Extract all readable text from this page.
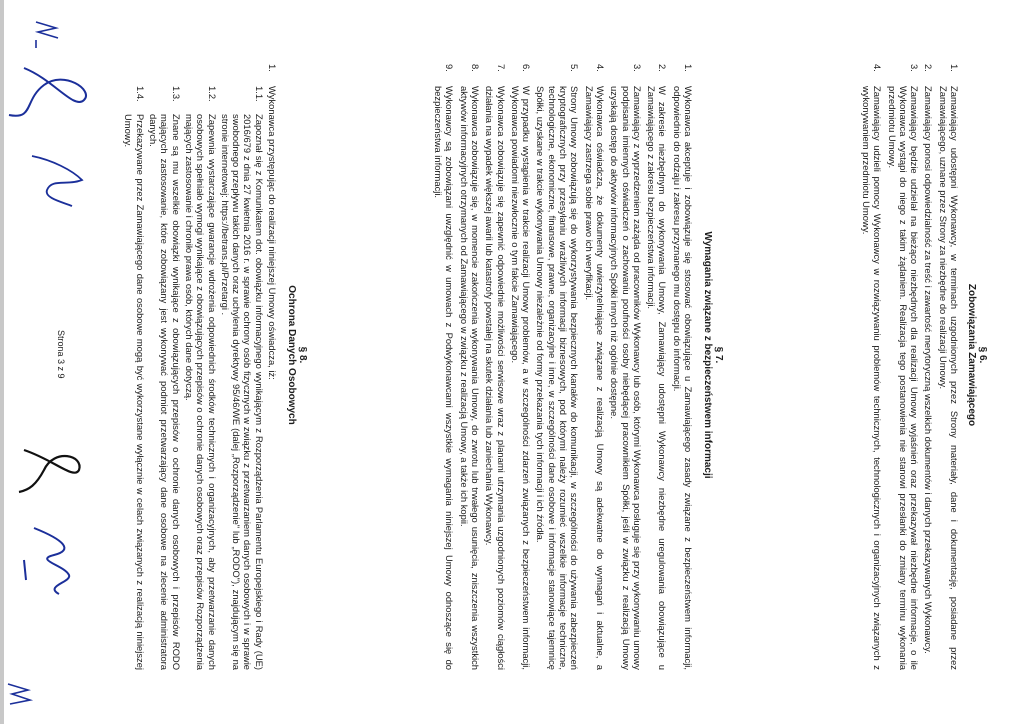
§ 6.
Zobowiązania Zamawiającego
1.
Zamawiający udostępni Wykonawcy, w terminach uzgodnionych przez Strony materiały, dane i dokumentację, posiadane przez Zamawiającego, uznane przez Strony za niezbędne do realizacji Umowy.
2.
Zamawiający ponosi odpowiedzialność za treść i zawartość merytoryczną wszelkich dokumentów i danych przekazywanych Wykonawcy.
3.
Zamawiający będzie udzielał na bieżąco niezbędnych dla realizacji Umowy wyjaśnień oraz przekazywał niezbędne informacje, o ile Wykonawca wystąpi do niego z takim żądaniem. Realizacja tego postanowienia nie stanowi przesłanki do zmiany terminu wykonania przedmiotu Umowy.
4.
Zamawiający udzieli pomocy Wykonawcy w rozwiązywaniu problemów technicznych, technologicznych i organizacyjnych związanych z wykonywaniem przedmiotu Umowy.
§ 7.
Wymagania związane z bezpieczeństwem informacji
1.
Wykonawca akceptuje i zobowiązuje się stosować obowiązujące u Zamawiającego zasady związane z bezpieczeństwem informacji, odpowiednio do rodzaju i zakresu przyznanego mu dostępu do informacji.
2.
W zakresie niezbędnym do wykonywania Umowy, Zamawiający udostępni Wykonawcy niezbędne uregulowania obowiązujące u Zamawiającego z zakresu bezpieczeństwa informacji.
3.
Zamawiający z wyprzedzeniem zażąda od pracowników Wykonawcy lub osób, którymi Wykonawca posługuje się przy wykonywaniu umowy podpisania imiennych oświadczeń o zachowaniu poufności osoby niebędącej pracownikiem Spółki, jeśli w związku z realizacją Umowy uzyskają dostęp do aktywów informacyjnych Spółki innych niż ogólnie dostępne.
4.
Wykonawca oświadcza, że dokumenty uwierzytelniające związane z realizacją Umowy są adekwatne do wymagań i aktualne, a Zamawiający zastrzega sobie prawo ich weryfikacji.
5.
Strony Umowy zobowiązują się do wykorzystywania bezpiecznych kanałów do komunikacji, w szczególności do używania zabezpieczeń kryptograficznych przy przesyłaniu wrażliwych informacji biznesowych, pod którymi należy rozumieć wszelkie informacje techniczne, technologiczne, ekonomiczne, finansowe, prawne, organizacyjne i inne, w szczególności dane osobowe i informacje stanowiące tajemnicę Spółki, uzyskane w trakcie wykonywania Umowy niezależnie od formy przekazania tych informacji i ich źródła.
6.
W przypadku wystąpienia w trakcie realizacji Umowy problemów, a w szczególności zdarzeń związanych z bezpieczeństwem informacji, Wykonawca powiadomi niezwłocznie o tym fakcie Zamawiającego.
7.
Wykonawca zobowiązuje się zapewnić odpowiednie możliwości serwisowe wraz z planami utrzymania uzgodnionych poziomów ciągłości działania na wypadek większej awarii lub katastrofy powstałej na skutek działania lub zaniechania Wykonawcy.
8.
Wykonawca zobowiązuje się, w momencie zakończenia wykonywania Umowy, do zwrotu lub trwałego usunięcia, zniszczenia wszystkich aktywów informacyjnych otrzymanych od Zamawiającego w związku z realizacją Umowy, a także ich kopii.
9.
Wykonawcy są zobowiązani uwzględnić w umowach z Podwykonawcami wszystkie wymagania niniejszej Umowy odnoszące się do bezpieczeństwa informacji.
§ 8.
Ochrona Danych Osobowych
1.
Wykonawca przystępując do realizacji niniejszej Umowy oświadcza, iż:
1.1.
Zapoznał się z Komunikatem dot. obowiązku informacyjnego wynikającym z Rozporządzenia Parlamentu Europejskiego i Rady (UE) 2016/679 z dnia 27 kwietnia 2016 r. w sprawie ochrony osób fizycznych w związku z przetwarzaniem danych osobowych i w sprawie swobodnego przepływu takich danych oraz uchylenia dyrektywy 95/46/WE (dalej „Rozporządzenie" lub „RODO"), znajdującym się na stronie internetowej: https://betrans.pl/Przetargi .
1.2.
Zapewnia wystarczające gwarancje wdrożenia odpowiednich środków technicznych i organizacyjnych, aby przetwarzanie danych osobowych spełniało wymogi wynikające z obowiązujących przepisów o ochronie danych osobowych oraz przepisów Rozporządzenia mających zastosowanie i chroniło prawa osób, których dane dotyczą.
1.3.
Znane są mu wszelkie obowiązki wynikające z obowiązujących przepisów o ochronie danych osobowych i przepisów RODO mających zastosowanie, które zobowiązany jest wykonywać podmiot przetwarzający dane osobowe na zlecenie administratora danych.
1.4.
Przekazywane przez Zamawiającego dane osobowe mogą być wykorzystane wyłącznie w celach związanych z realizacją niniejszej Umowy.
Strona 3 z 9
